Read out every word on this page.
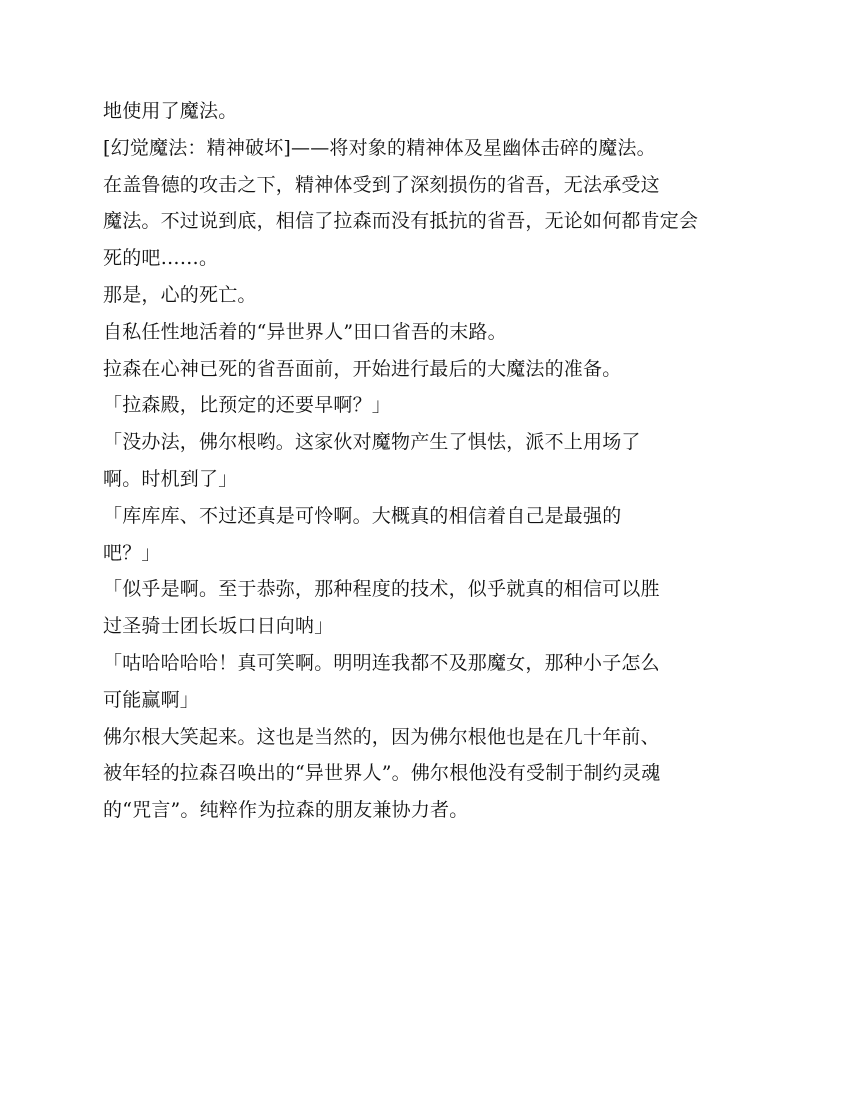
地使用了魔法。
[幻觉魔法：精神破坏]——将对象的精神体及星幽体击碎的魔法。
在盖鲁德的攻击之下，精神体受到了深刻损伤的省吾，无法承受这
魔法。不过说到底，相信了拉森而没有抵抗的省吾，无论如何都肯定会
死的吧……。
那是，心的死亡。
自私任性地活着的“异世界人”田口省吾的末路。
拉森在心神已死的省吾面前，开始进行最后的大魔法的准备。
「拉森殿，比预定的还要早啊？」
「没办法，佛尔根哟。这家伙对魔物产生了惧怯，派不上用场了
啊。时机到了」
「库库库、不过还真是可怜啊。大概真的相信着自己是最强的
吧？」
「似乎是啊。至于恭弥，那种程度的技术，似乎就真的相信可以胜
过圣骑士团长坂口日向呐」
「咕哈哈哈哈！真可笑啊。明明连我都不及那魔女，那种小子怎么
可能赢啊」
佛尔根大笑起来。这也是当然的，因为佛尔根他也是在几十年前、
被年轻的拉森召唤出的“异世界人”。佛尔根他没有受制于制约灵魂
的“咒言”。纯粹作为拉森的朋友兼协力者。
